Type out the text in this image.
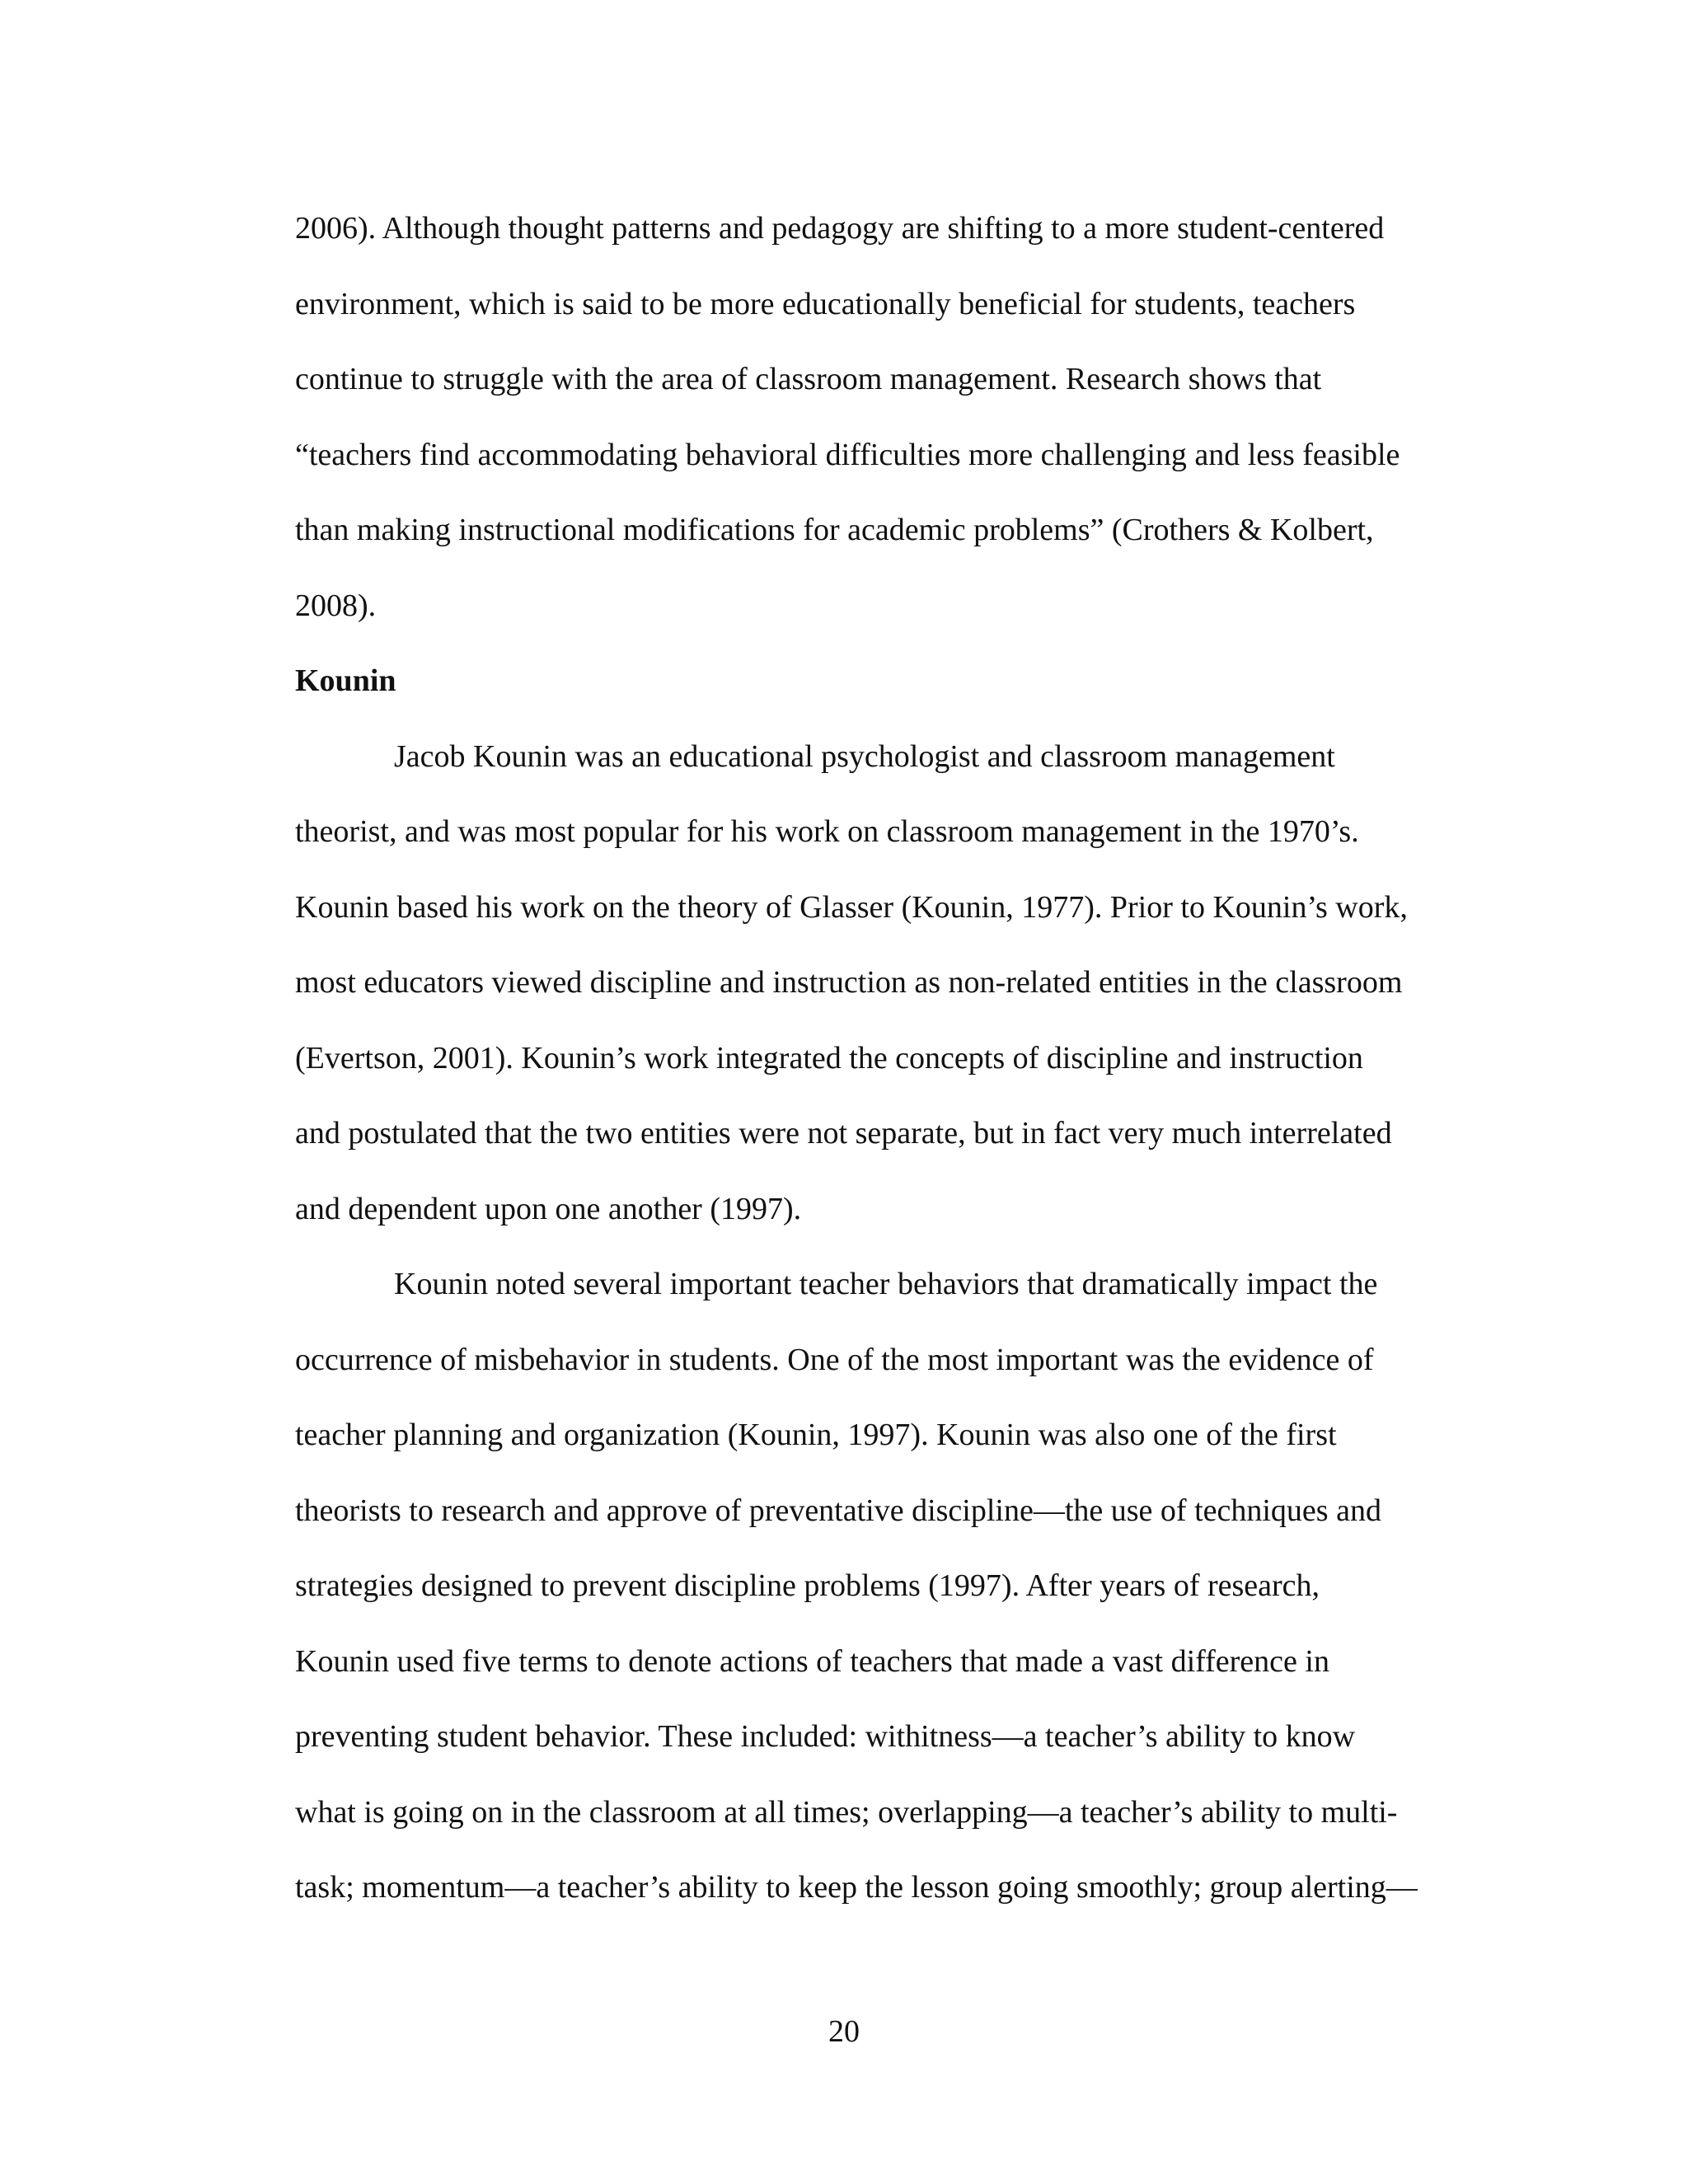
2006). Although thought patterns and pedagogy are shifting to a more student-centered
environment, which is said to be more educationally beneficial for students, teachers
continue to struggle with the area of classroom management. Research shows that
“teachers find accommodating behavioral difficulties more challenging and less feasible
than making instructional modifications for academic problems” (Crothers & Kolbert,
2008).
Kounin
Jacob Kounin was an educational psychologist and classroom management
theorist, and was most popular for his work on classroom management in the 1970’s.
Kounin based his work on the theory of Glasser (Kounin, 1977). Prior to Kounin’s work,
most educators viewed discipline and instruction as non-related entities in the classroom
(Evertson, 2001). Kounin’s work integrated the concepts of discipline and instruction
and postulated that the two entities were not separate, but in fact very much interrelated
and dependent upon one another (1997).
Kounin noted several important teacher behaviors that dramatically impact the
occurrence of misbehavior in students. One of the most important was the evidence of
teacher planning and organization (Kounin, 1997). Kounin was also one of the first
theorists to research and approve of preventative discipline—the use of techniques and
strategies designed to prevent discipline problems (1997). After years of research,
Kounin used five terms to denote actions of teachers that made a vast difference in
preventing student behavior. These included: withitness—a teacher’s ability to know
what is going on in the classroom at all times; overlapping—a teacher’s ability to multi-
task; momentum—a teacher’s ability to keep the lesson going smoothly; group alerting—
20
